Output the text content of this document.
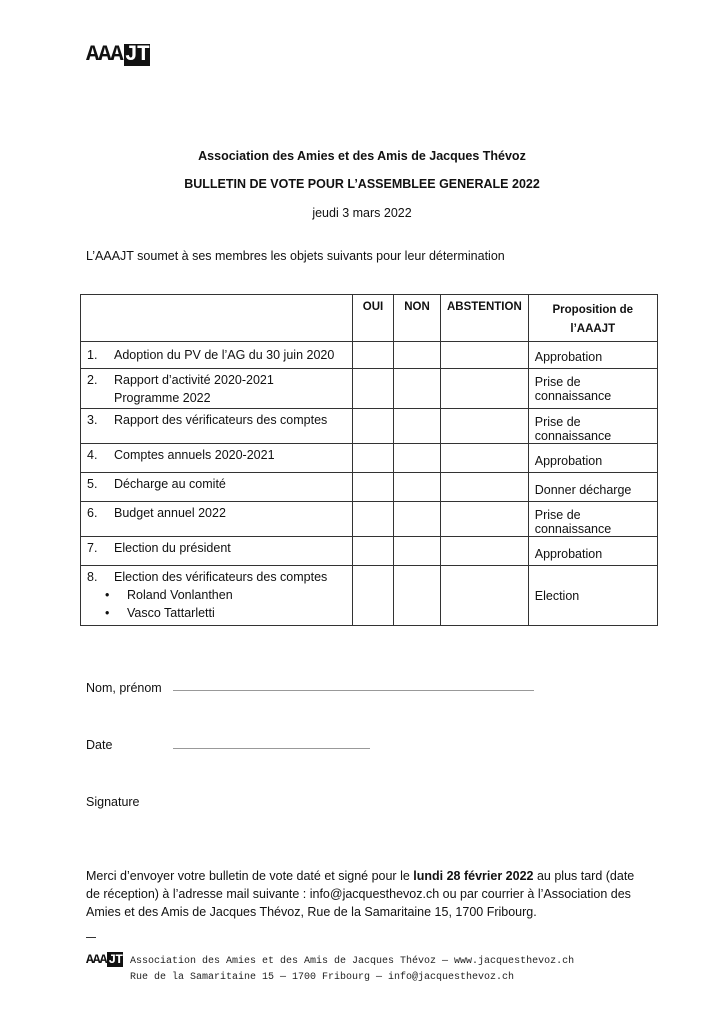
AAA JT
Association des Amies et des Amis de Jacques Thévoz
BULLETIN DE VOTE POUR L’ASSEMBLEE GENERALE 2022
jeudi 3 mars 2022
L’AAAJT soumet à ses membres les objets suivants pour leur détermination
	OUI	NON	ABSTENTION	Proposition de
l’AAAJT

1. Adoption du PV de l’AG du 30 juin 2020				Approbation

2. Rapport d’activité 2020-2021
Programme 2022				Prise de connaissance
3. Rapport des vérificateurs des comptes				Prise de connaissance
4. Comptes annuels 2020-2021				Approbation
5. Décharge au comité				Donner décharge
6. Budget annuel 2022				Prise de connaissance
7. Election du président				Approbation

8. Election des vérificateurs des comptes
• Roland Vonlanthen
• Vasco Tattarletti				Election
Nom, prénom
Date
Signature
Merci d’envoyer votre bulletin de vote daté et signé pour le lundi 28 février 2022 au plus tard (date de réception) à l’adresse mail suivante : info@jacquesthevoz.ch ou par courrier à l’Association des Amies et des Amis de Jacques Thévoz, Rue de la Samaritaine 15, 1700 Fribourg.
AAA JT Association des Amies et des Amis de Jacques Thévoz — www.jacquesthevoz.ch
Rue de la Samaritaine 15 — 1700 Fribourg — info@jacquesthevoz.ch
